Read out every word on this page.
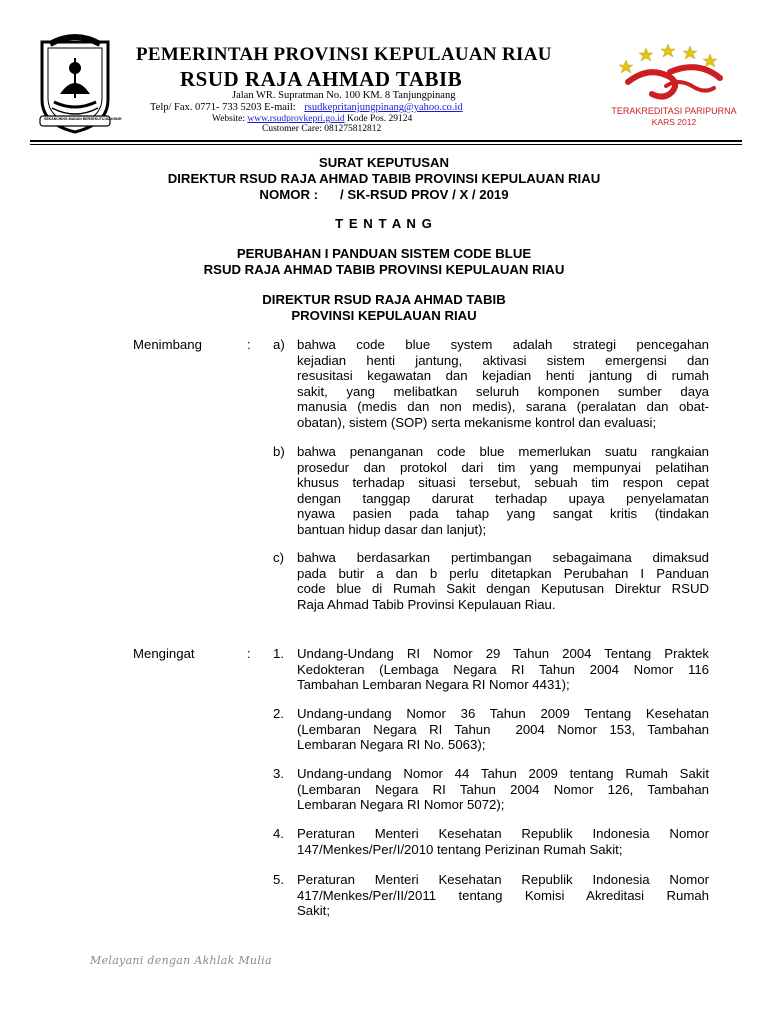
SEKANCHING-MANAN BERSEKUTU-MAKMUR
PEMERINTAH PROVINSI KEPULAUAN RIAU
RSUD RAJA AHMAD TABIB
Jalan WR. Supratman No. 100 KM. 8 Tanjungpinang
Telp/ Fax. 0771- 733 5203 E-mail: rsudkepritanjungpinang@yahoo.co.id
Website: www.rsudprovkepri.go.id Kode Pos. 29124
Customer Care: 081275812812
TERAKREDITASI PARIPURNA
KARS 2012
SURAT KEPUTUSAN
DIREKTUR RSUD RAJA AHMAD TABIB PROVINSI KEPULAUAN RIAU
NOMOR :      / SK-RSUD PROV / X / 2019
T E N T A N G
PERUBAHAN I PANDUAN SISTEM CODE BLUE
RSUD RAJA AHMAD TABIB PROVINSI KEPULAUAN RIAU
DIREKTUR RSUD RAJA AHMAD TABIB
PROVINSI KEPULAUAN RIAU
Menimbang	: a) bahwa code blue system adalah strategi pencegahan
kejadian henti jantung, aktivasi sistem emergensi dan
resusitasi kegawatan dan kejadian henti jantung di rumah
sakit, yang melibatkan seluruh komponen sumber daya
manusia (medis dan non medis), sarana (peralatan dan obat-
obatan), sistem (SOP) serta mekanisme kontrol dan evaluasi;
b) bahwa penanganan code blue memerlukan suatu rangkaian
prosedur dan protokol dari tim yang mempunyai pelatihan
khusus terhadap situasi tersebut, sebuah tim respon cepat
dengan tanggap darurat terhadap upaya penyelamatan
nyawa pasien pada tahap yang sangat kritis (tindakan
bantuan hidup dasar dan lanjut);
c) bahwa berdasarkan pertimbangan sebagaimana dimaksud
pada butir a dan b perlu ditetapkan Perubahan I Panduan
code blue di Rumah Sakit dengan Keputusan Direktur RSUD
Raja Ahmad Tabib Provinsi Kepulauan Riau.
Mengingat	: 1. Undang-Undang RI Nomor 29 Tahun 2004 Tentang Praktek
Kedokteran (Lembaga Negara RI Tahun 2004 Nomor 116
Tambahan Lembaran Negara RI Nomor 4431);
2. Undang-undang Nomor 36 Tahun 2009 Tentang Kesehatan
(Lembaran Negara RI Tahun  2004 Nomor 153, Tambahan
Lembaran Negara RI No. 5063);
3. Undang-undang Nomor 44 Tahun 2009 tentang Rumah Sakit
(Lembaran Negara RI Tahun 2004 Nomor 126, Tambahan
Lembaran Negara RI Nomor 5072);
4. Peraturan Menteri Kesehatan Republik Indonesia Nomor
147/Menkes/Per/I/2010 tentang Perizinan Rumah Sakit;
5. Peraturan Menteri Kesehatan Republik Indonesia Nomor
417/Menkes/Per/II/2011 tentang Komisi Akreditasi Rumah
Sakit;
Melayani dengan Akhlak Mulia
